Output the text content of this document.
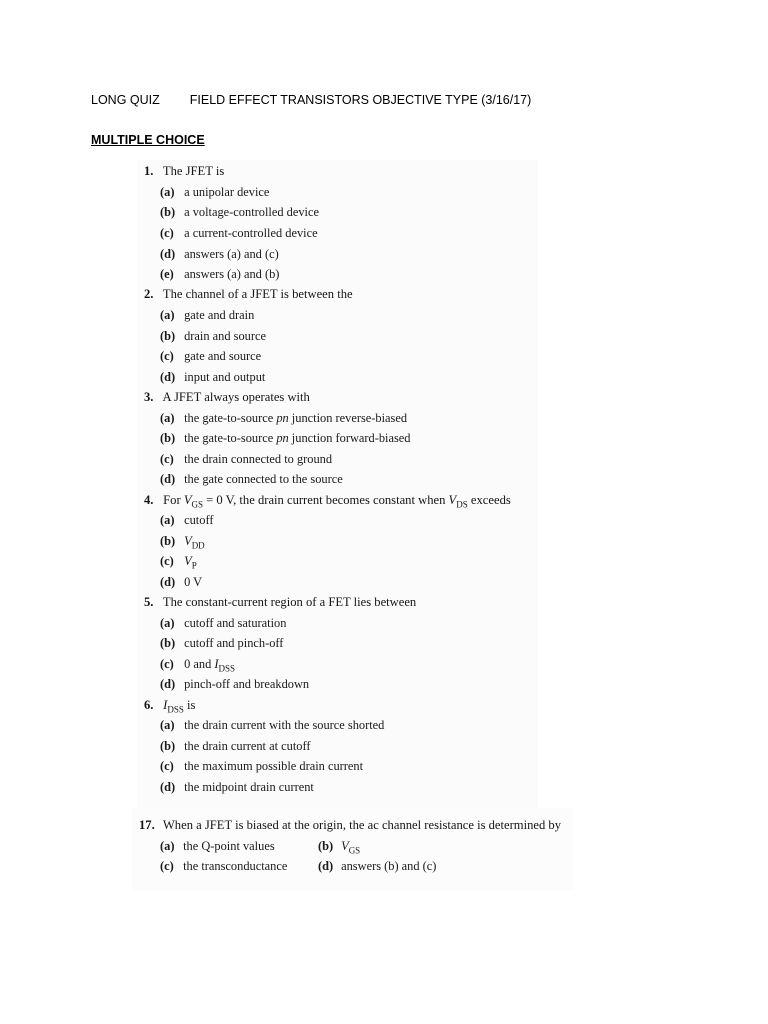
LONG QUIZ FIELD EFFECT TRANSISTORS OBJECTIVE TYPE (3/16/17)
MULTIPLE CHOICE
1. The JFET is
(a) a unipolar device
(b) a voltage-controlled device
(c) a current-controlled device
(d) answers (a) and (c)
(e) answers (a) and (b)
2. The channel of a JFET is between the
(a) gate and drain
(b) drain and source
(c) gate and source
(d) input and output
3. A JFET always operates with
(a) the gate-to-source pn junction reverse-biased
(b) the gate-to-source pn junction forward-biased
(c) the drain connected to ground
(d) the gate connected to the source
4. For $V_{GS} = 0$ V, the drain current becomes constant when $V_{DS}$ exceeds
(a) cutoff
(b) $V_{DD}$
(c) $V_P$
(d) 0 V
5. The constant-current region of a FET lies between
(a) cutoff and saturation
(b) cutoff and pinch-off
(c) 0 and $I_{DSS}$
(d) pinch-off and breakdown
6. $I_{DSS}$ is
(a) the drain current with the source shorted
(b) the drain current at cutoff
(c) the maximum possible drain current
(d) the midpoint drain current
17. When a JFET is biased at the origin, the ac channel resistance is determined by
(a) the Q-point values	(b) $V_{GS}$
(c) the transconductance (d) answers (b) and (c)
